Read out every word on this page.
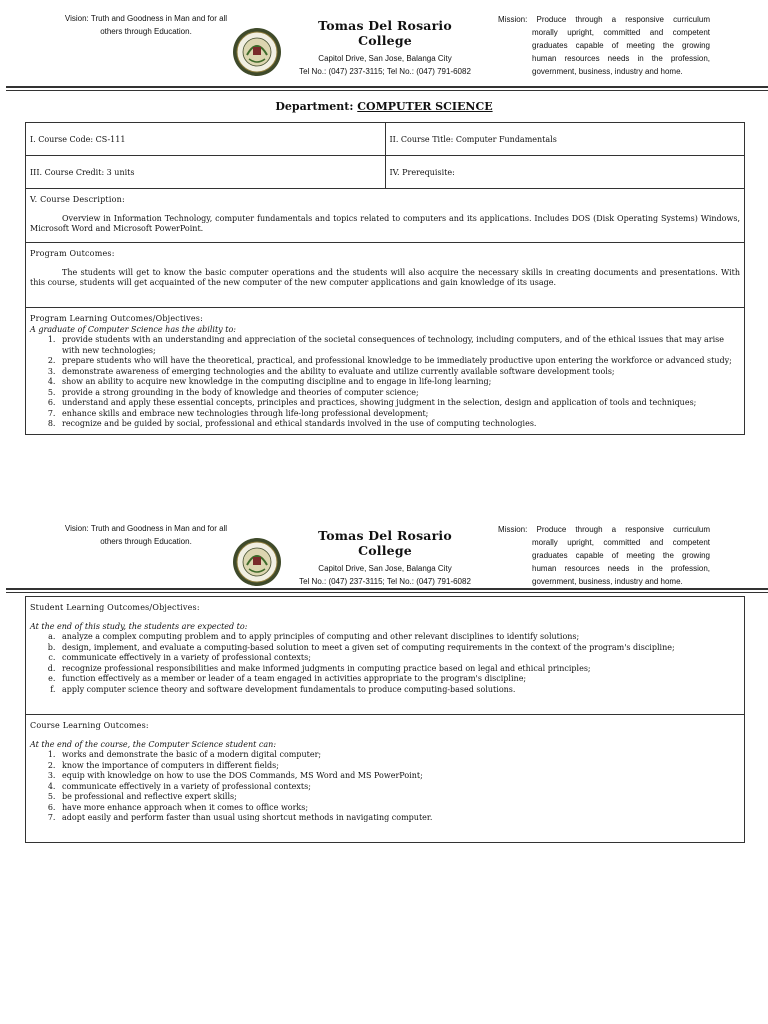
Vision: Truth and Goodness in Man and for all others through Education.	Tomas Del Rosario College
Capitol Drive, San Jose, Balanga City
Tel No.: (047) 237-3115; Tel No.: (047) 791-6082
Mission: Produce through a responsive curriculum
morally upright, committed and competent
graduates capable of meeting the growing
human resources needs in the profession,
government, business, industry and home.
Department: COMPUTER SCIENCE
I. Course Code: CS-111	II. Course Title: Computer Fundamentals
III. Course Credit: 3 units	IV. Prerequisite:
V. Course Description:
Overview in Information Technology, computer fundamentals and topics related to computers and its applications. Includes DOS (Disk Operating Systems) Windows, Microsoft Word and Microsoft PowerPoint.
Program Outcomes:
The students will get to know the basic computer operations and the students will also acquire the necessary skills in creating documents and presentations. With this course, students will get acquainted of the new computer of the new computer applications and gain knowledge of its usage.
Program Learning Outcomes/Objectives:
A graduate of Computer Science has the ability to:
1. provide students with an understanding and appreciation of the societal consequences of technology, including computers, and of the ethical issues that may arise with new technologies;
2. prepare students who will have the theoretical, practical, and professional knowledge to be immediately productive upon entering the workforce or advanced study;
3. demonstrate awareness of emerging technologies and the ability to evaluate and utilize currently available software development tools;
4. show an ability to acquire new knowledge in the computing discipline and to engage in life-long learning;
5. provide a strong grounding in the body of knowledge and theories of computer science;
6. understand and apply these essential concepts, principles and practices, showing judgment in the selection, design and application of tools and techniques;
7. enhance skills and embrace new technologies through life-long professional development;
8. recognize and be guided by social, professional and ethical standards involved in the use of computing technologies.
Vision: Truth and Goodness in Man and for all others through Education.	Tomas Del Rosario College
Capitol Drive, San Jose, Balanga City
Tel No.: (047) 237-3115; Tel No.: (047) 791-6082
Mission: Produce through a responsive curriculum
morally upright, committed and competent
graduates capable of meeting the growing
human resources needs in the profession,
government, business, industry and home.
Student Learning Outcomes/Objectives:
At the end of this study, the students are expected to:
a. analyze a complex computing problem and to apply principles of computing and other relevant disciplines to identify solutions;
b. design, implement, and evaluate a computing-based solution to meet a given set of computing requirements in the context of the program's discipline;
c. communicate effectively in a variety of professional contexts;
d. recognize professional responsibilities and make informed judgments in computing practice based on legal and ethical principles;
e. function effectively as a member or leader of a team engaged in activities appropriate to the program's discipline;
f. apply computer science theory and software development fundamentals to produce computing-based solutions.
Course Learning Outcomes:
At the end of the course, the Computer Science student can:
1. works and demonstrate the basic of a modern digital computer;
2. know the importance of computers in different fields;
3. equip with knowledge on how to use the DOS Commands, MS Word and MS PowerPoint;
4. communicate effectively in a variety of professional contexts;
5. be professional and reflective expert skills;
6. have more enhance approach when it comes to office works;
7. adopt easily and perform faster than usual using shortcut methods in navigating computer.
